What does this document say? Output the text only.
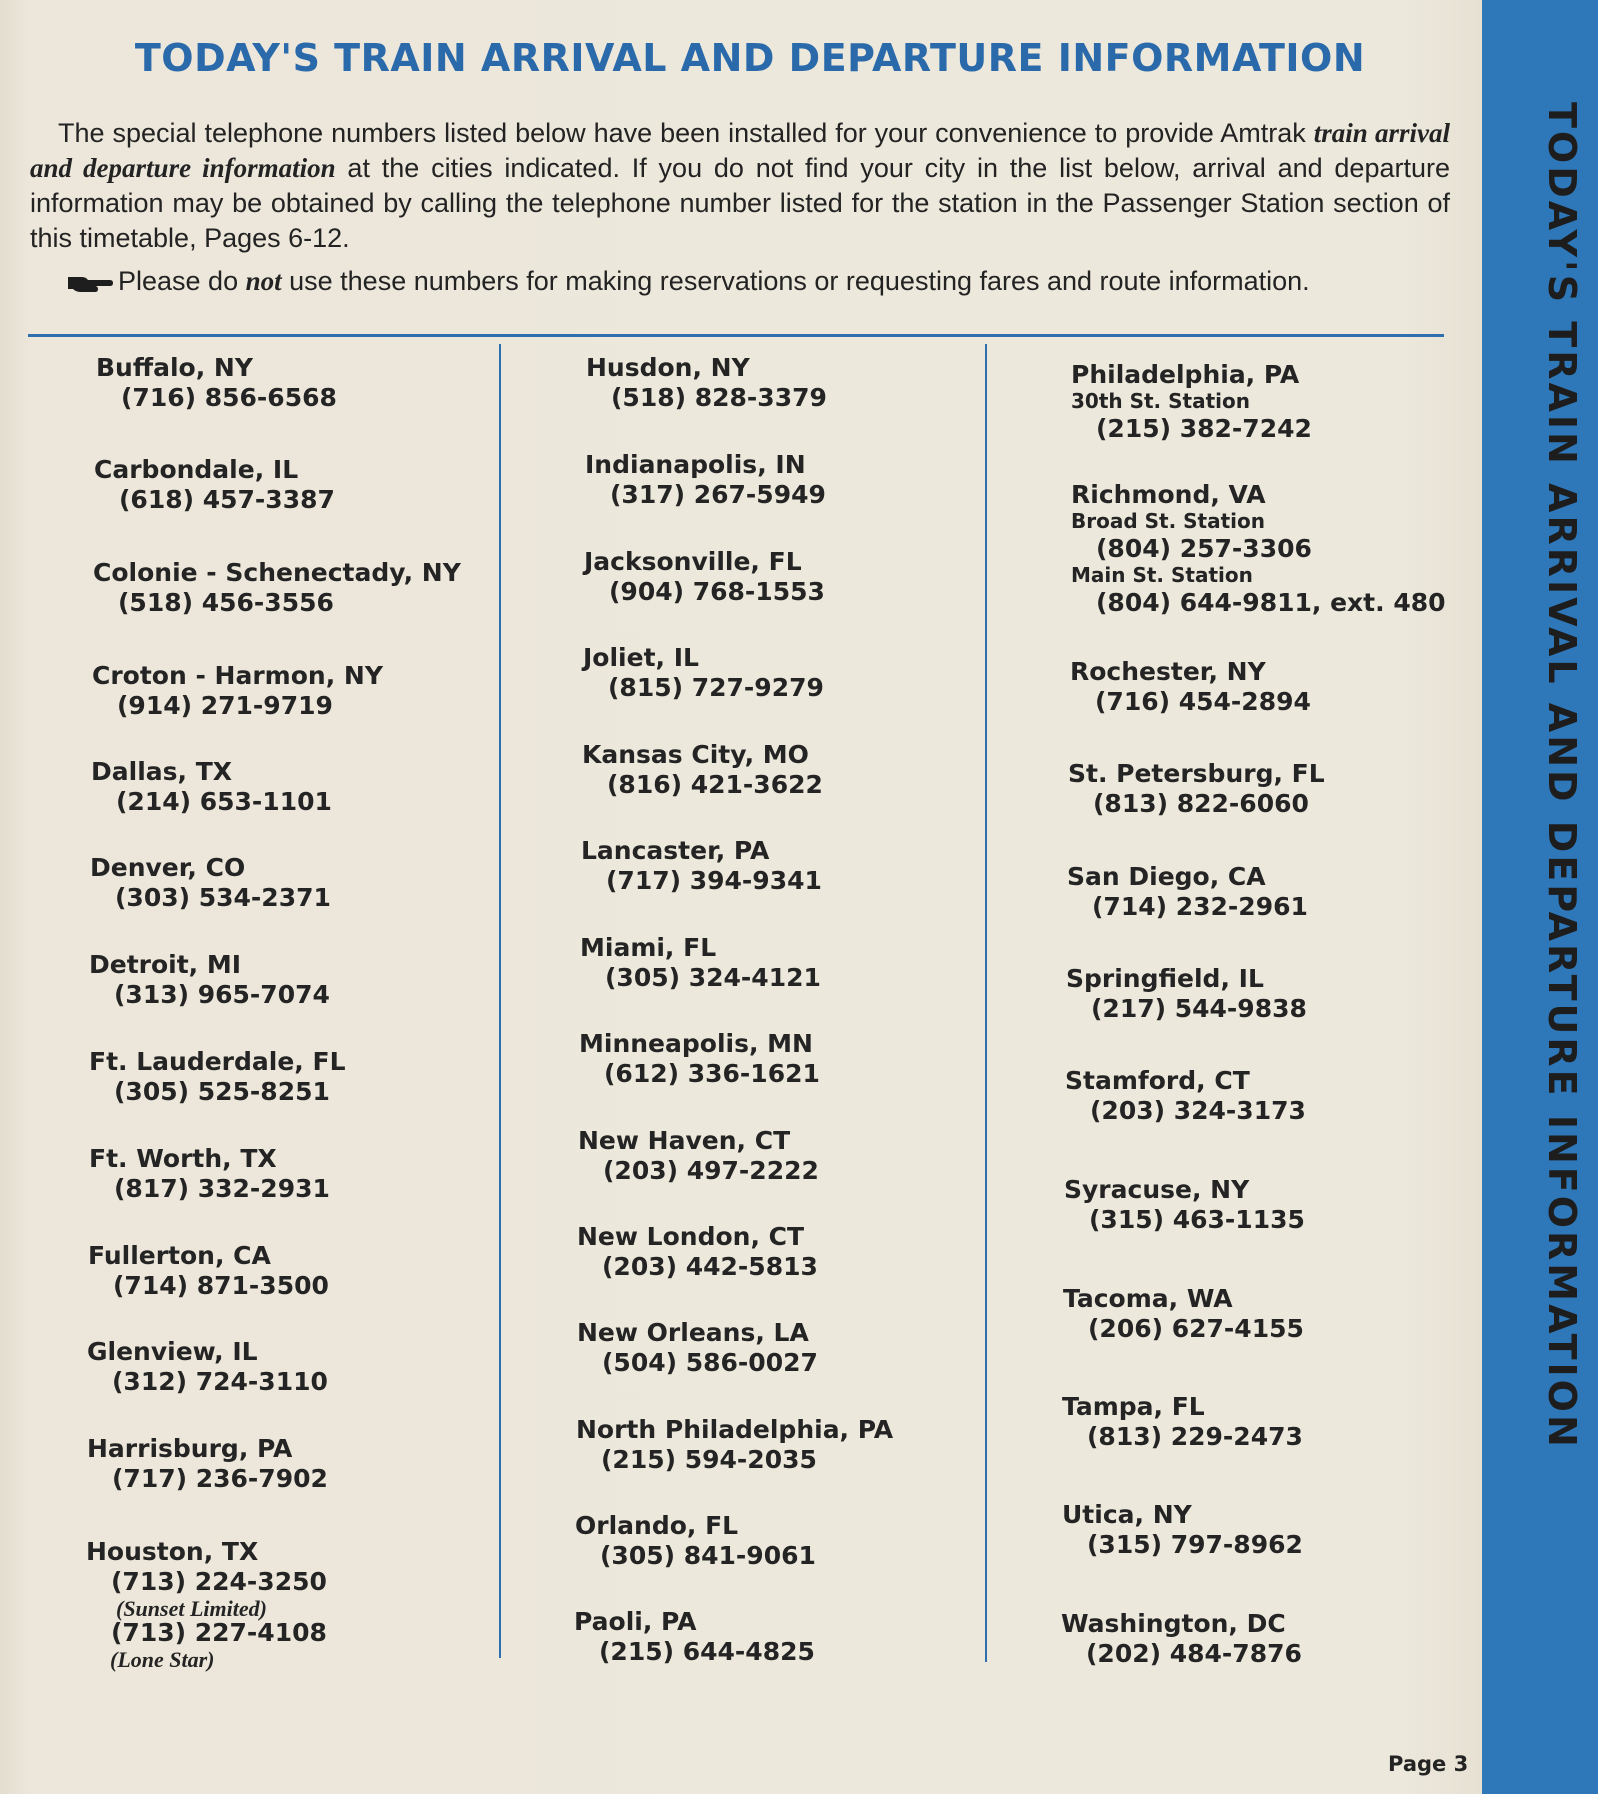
TODAY'S TRAIN ARRIVAL AND DEPARTURE INFORMATION
TODAY'S TRAIN ARRIVAL AND DEPARTURE INFORMATION
The special telephone numbers listed below have been installed for your convenience to provide Amtrak train arrival and departure information at the cities indicated. If you do not find your city in the list below, arrival and departure information may be obtained by calling the telephone number listed for the station in the Passenger Station section of this timetable, Pages 6-12.
Please do not use these numbers for making reservations or requesting fares and route information.
Buffalo, NY
(716) 856-6568
Carbondale, IL
(618) 457-3387
Colonie - Schenectady, NY
(518) 456-3556
Croton - Harmon, NY
(914) 271-9719
Dallas, TX
(214) 653-1101
Denver, CO
(303) 534-2371
Detroit, MI
(313) 965-7074
Ft. Lauderdale, FL
(305) 525-8251
Ft. Worth, TX
(817) 332-2931
Fullerton, CA
(714) 871-3500
Glenview, IL
(312) 724-3110
Harrisburg, PA
(717) 236-7902
Houston, TX
(713) 224-3250
(Sunset Limited)
(713) 227-4108
(Lone Star)
Husdon, NY
(518) 828-3379
Indianapolis, IN
(317) 267-5949
Jacksonville, FL
(904) 768-1553
Joliet, IL
(815) 727-9279
Kansas City, MO
(816) 421-3622
Lancaster, PA
(717) 394-9341
Miami, FL
(305) 324-4121
Minneapolis, MN
(612) 336-1621
New Haven, CT
(203) 497-2222
New London, CT
(203) 442-5813
New Orleans, LA
(504) 586-0027
North Philadelphia, PA
(215) 594-2035
Orlando, FL
(305) 841-9061
Paoli, PA
(215) 644-4825
Philadelphia, PA
30th St. Station
(215) 382-7242
Richmond, VA
Broad St. Station
(804) 257-3306
Main St. Station
(804) 644-9811, ext. 480
Rochester, NY
(716) 454-2894
St. Petersburg, FL
(813) 822-6060
San Diego, CA
(714) 232-2961
Springfield, IL
(217) 544-9838
Stamford, CT
(203) 324-3173
Syracuse, NY
(315) 463-1135
Tacoma, WA
(206) 627-4155
Tampa, FL
(813) 229-2473
Utica, NY
(315) 797-8962
Washington, DC
(202) 484-7876
Page 3
